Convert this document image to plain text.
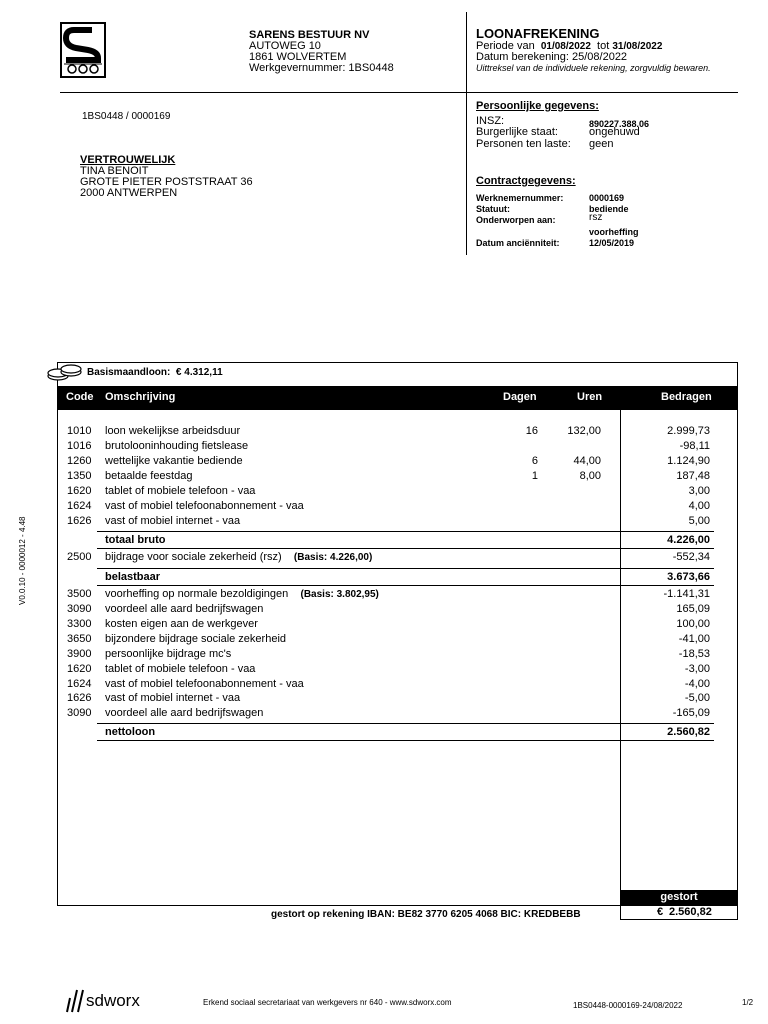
SARENS BESTUUR NV
AUTOWEG 10
1861 WOLVERTEM
Werkgevernummer: 1BS0448
LOONAFREKENING
Periode van 01/08/2022 tot 31/08/2022
Datum berekening: 25/08/2022
Uittreksel van de individuele rekening, zorgvuldig bewaren.
1BS0448 / 0000169
VERTROUWELIJK
TINA BENOIT
GROTE PIETER POSTSTRAAT 36
2000 ANTWERPEN
Persoonlijke gegevens:
INSZ:	890227.388.06
Burgerlijke staat:	ongehuwd
Personen ten laste: geen
Contractgegevens:
Werknemernummer:	0000169
Statuut:	bediende
Onderworpen aan:	rsz
voorheffing
Datum anciënniteit:	12/05/2019
V0.0.10 - 0000012 - 4.48
Basismaandloon: € 4.312,11
Code Omschrijving	Dagen	Uren	Bedragen
1010 loon wekelijkse arbeidsduur	16	132,00	2.999,73
1016 brutolooninhouding fietslease	-98,11
1260 wettelijke vakantie bediende	6	44,00	1.124,90
1350 betaalde feestdag	1	8,00	187,48
1620 tablet of mobiele telefoon - vaa	3,00
1624 vast of mobiel telefoonabonnement - vaa	4,00
1626 vast of mobiel internet - vaa	5,00
totaal bruto	4.226,00
2500 bijdrage voor sociale zekerheid (rsz) (Basis: 4.226,00)	-552,34
belastbaar	3.673,66
3500 voorheffing op normale bezoldigingen (Basis: 3.802,95)	-1.141,31
3090 voordeel alle aard bedrijfswagen	165,09
3300 kosten eigen aan de werkgever	100,00
3650 bijzondere bijdrage sociale zekerheid	-41,00
3900 persoonlijke bijdrage mc's	-18,53
1620 tablet of mobiele telefoon - vaa	-3,00
1624 vast of mobiel telefoonabonnement - vaa	-4,00
1626 vast of mobiel internet - vaa	-5,00
3090 voordeel alle aard bedrijfswagen	-165,09
nettoloon	2.560,82
gestort
€ 2.560,82
gestort op rekening IBAN: BE82 3770 6205 4068 BIC: KREDBEBB
sdworx	Erkend sociaal secretariaat van werkgevers nr 640 - www.sdworx.com	1BS0448-0000169-24/08/2022	1/2
